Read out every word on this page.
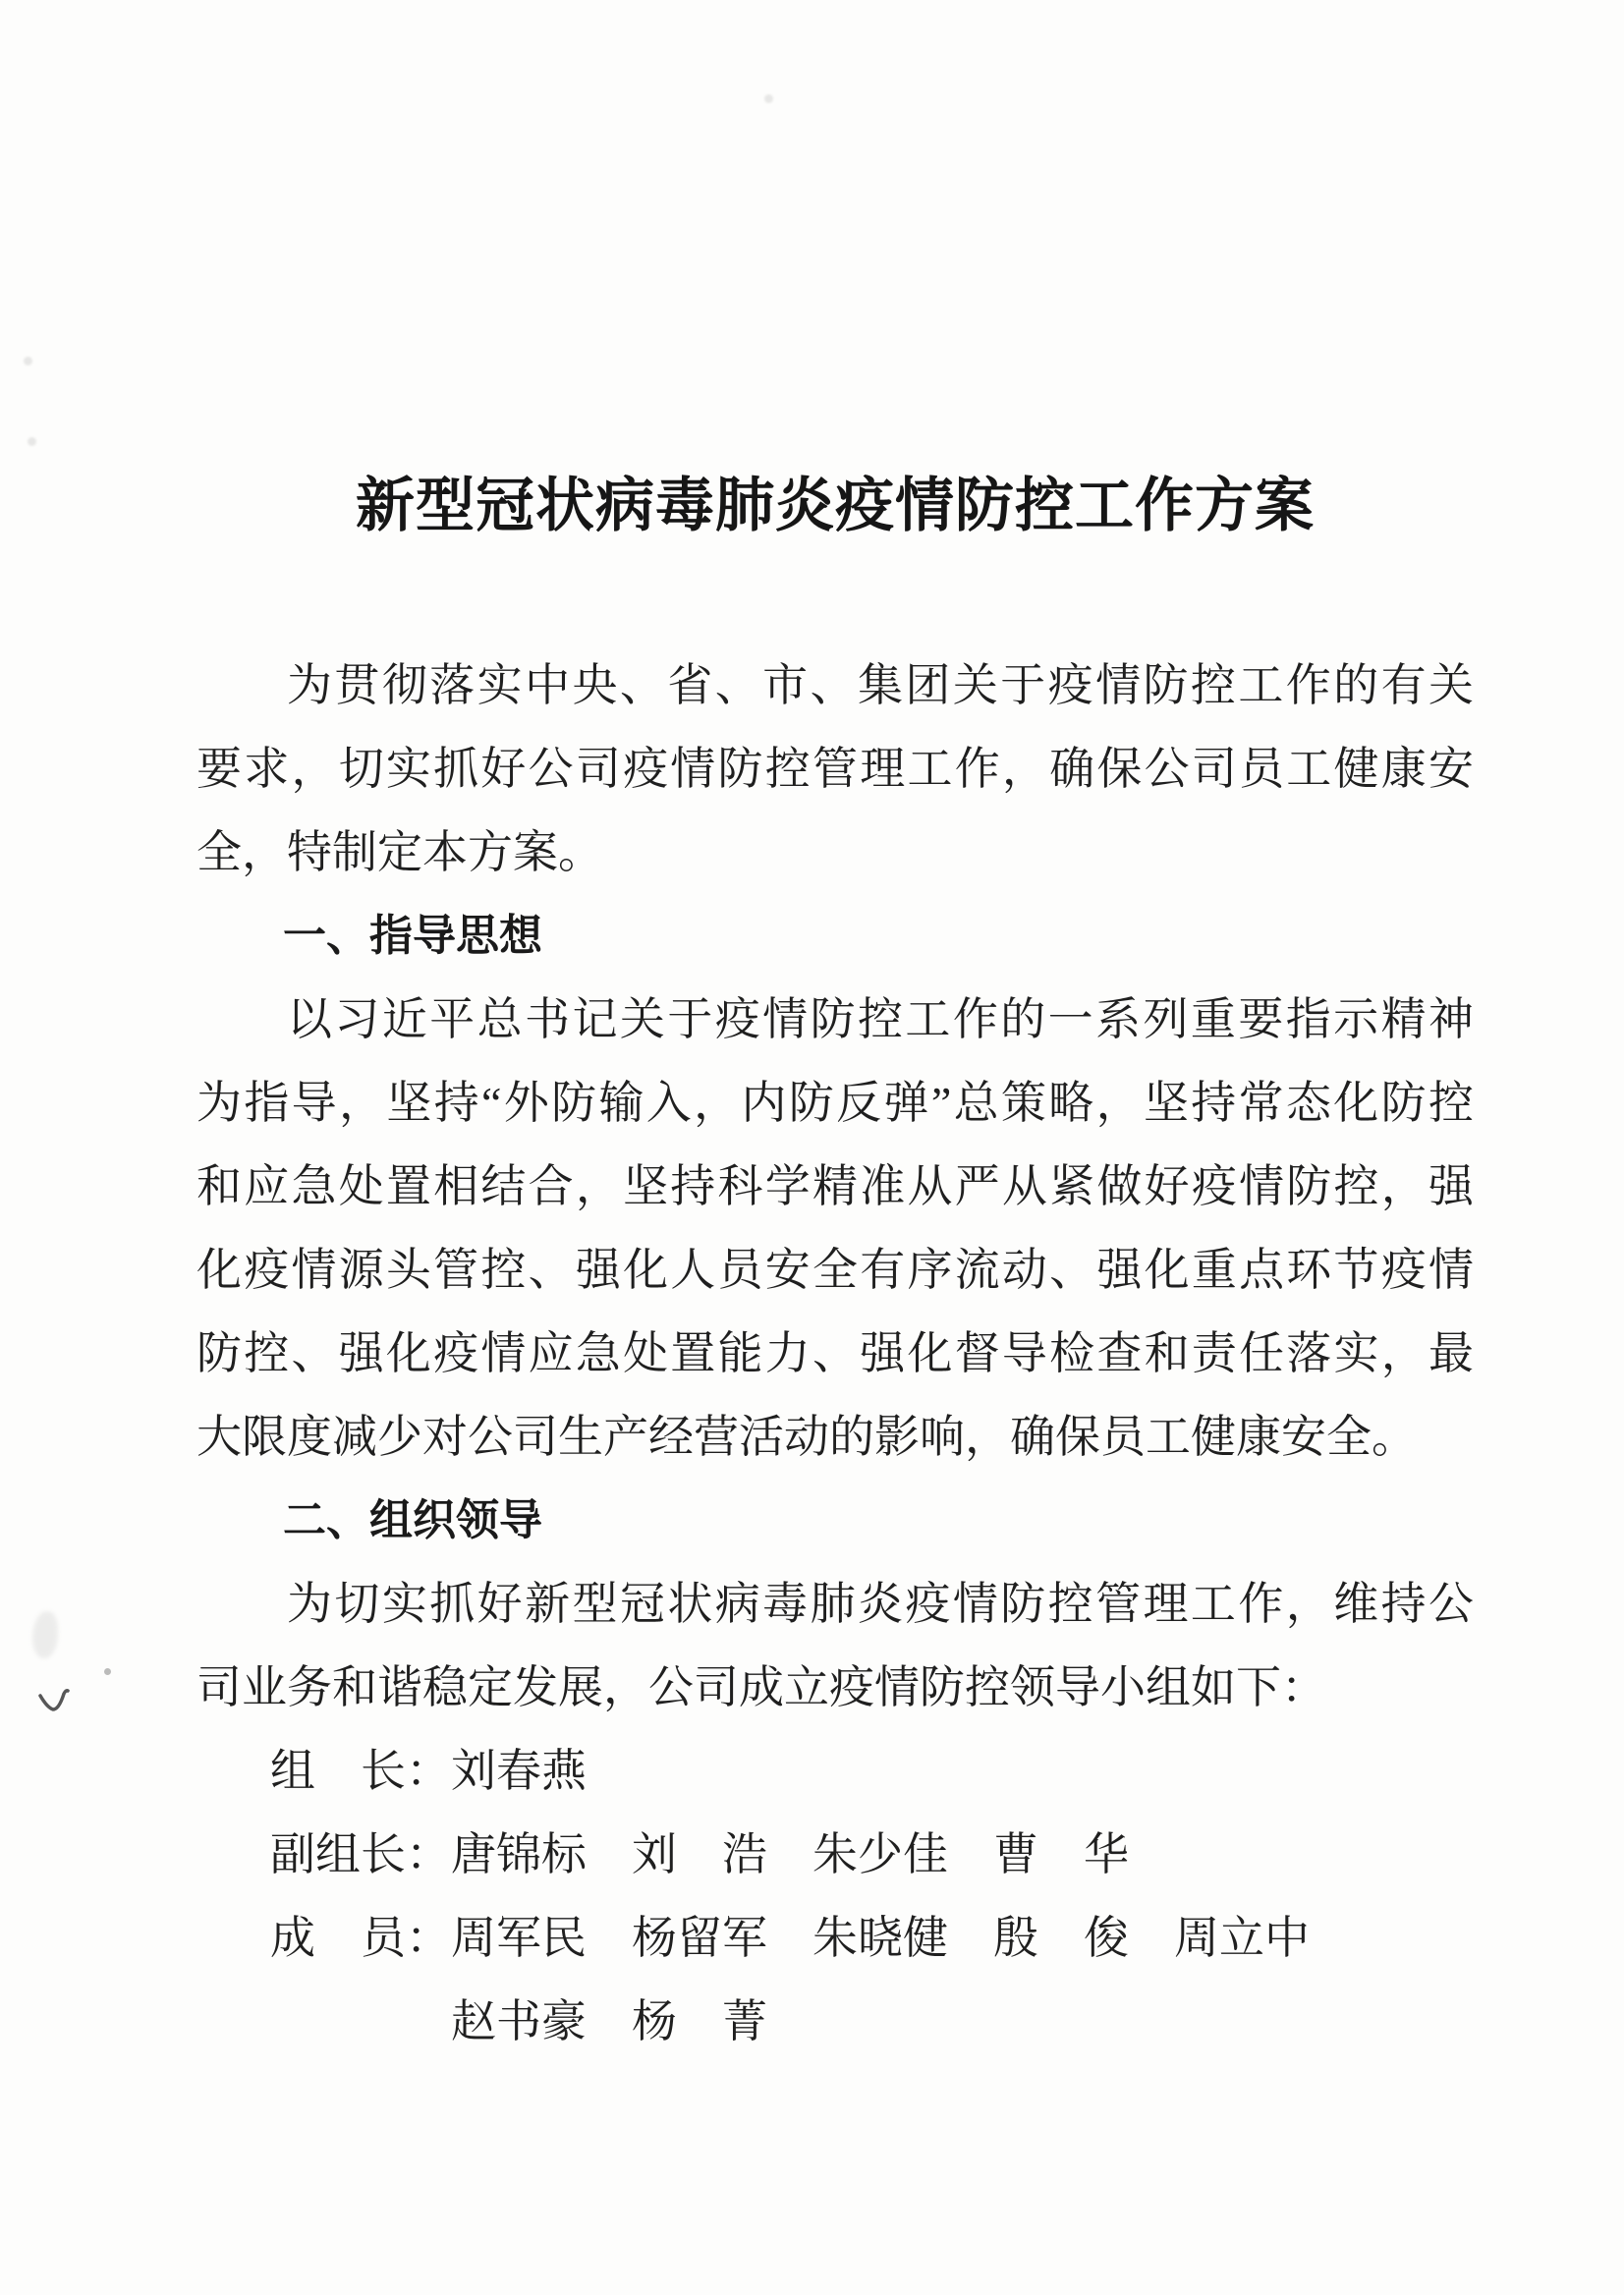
新型冠状病毒肺炎疫情防控工作方案
为贯彻落实中央、省、市、集团关于疫情防控工作的有关
要求，切实抓好公司疫情防控管理工作，确保公司员工健康安
全，特制定本方案。
一、指导思想
以习近平总书记关于疫情防控工作的一系列重要指示精神
为指导，坚持“外防输入，内防反弹”总策略，坚持常态化防控
和应急处置相结合，坚持科学精准从严从紧做好疫情防控，强
化疫情源头管控、强化人员安全有序流动、强化重点环节疫情
防控、强化疫情应急处置能力、强化督导检查和责任落实，最
大限度减少对公司生产经营活动的影响，确保员工健康安全。
二、组织领导
为切实抓好新型冠状病毒肺炎疫情防控管理工作，维持公
司业务和谐稳定发展，公司成立疫情防控领导小组如下：
组　长：刘春燕
副组长：唐锦标　刘　浩　朱少佳　曹　华
成　员：周军民　杨留军　朱晓健　殷　俊　周立中
赵书豪　杨　菁
